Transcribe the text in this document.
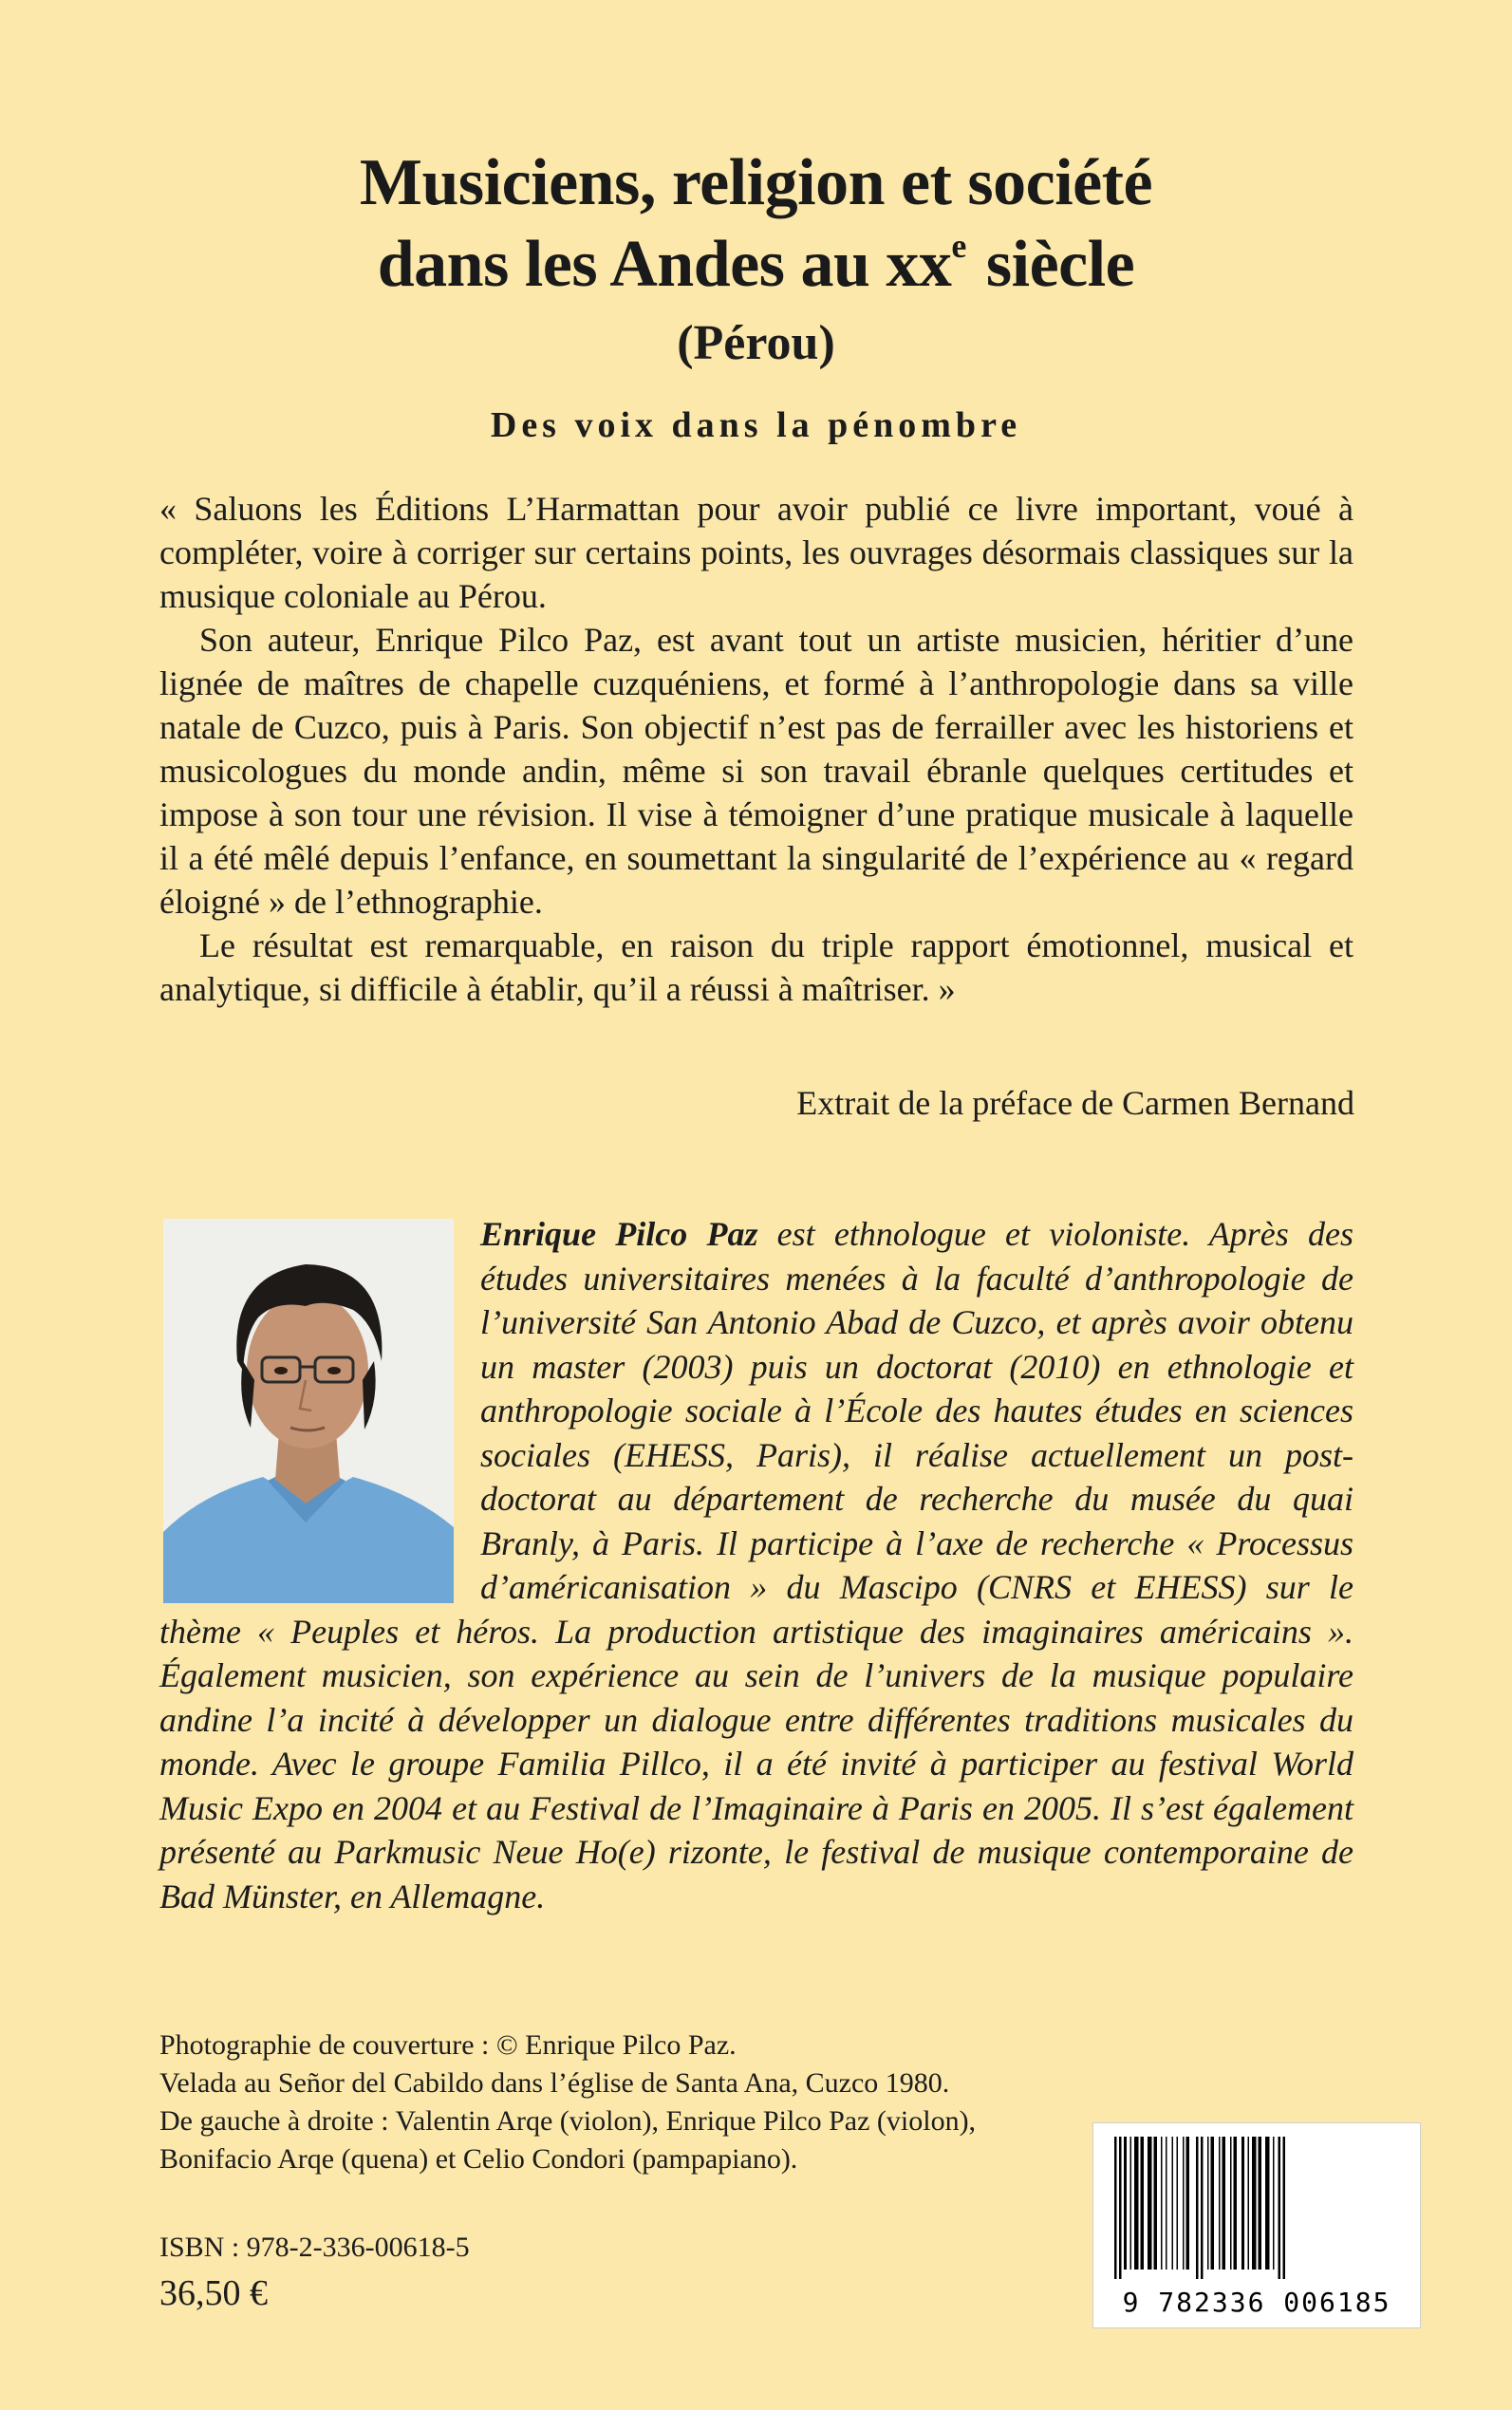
Musiciens, religion et société
dans les Andes au $xx^e$ siècle
(Pérou)
Des voix dans la pénombre

« Saluons les Éditions L’Harmattan pour avoir publié ce livre important, voué à compléter, voire à corriger sur certains points, les ouvrages désormais classiques sur la musique coloniale au Pérou.

Son auteur, Enrique Pilco Paz, est avant tout un artiste musicien, héritier d’une lignée de maîtres de chapelle cuzquéniens, et formé à l’anthropologie dans sa ville natale de Cuzco, puis à Paris. Son objectif n’est pas de ferrailler avec les historiens et musicologues du monde andin, même si son travail ébranle quelques certitudes et impose à son tour une révision. Il vise à témoigner d’une pratique musicale à laquelle il a été mêlé depuis l’enfance, en soumettant la singularité de l’expérience au « regard éloigné » de l’ethnographie.

Le résultat est remarquable, en raison du triple rapport émotionnel, musical et analytique, si difficile à établir, qu’il a réussi à maîtriser. »

Extrait de la préface de Carmen Bernand
Enrique Pilco Paz est ethnologue et violoniste. Après des études universitaires menées à la faculté d’anthropologie de l’université San Antonio Abad de Cuzco, et après avoir obtenu un master (2003) puis un doctorat (2010) en ethnologie et anthropologie sociale à l’École des hautes études en sciences sociales (EHESS, Paris), il réalise actuellement un post-doctorat au département de recherche du musée du quai Branly, à Paris. Il participe à l’axe de recherche « Processus d’américanisation » du Mascipo (CNRS et EHESS) sur le thème « Peuples et héros. La production artistique des imaginaires américains ». Également musicien, son expérience au sein de l’univers de la musique populaire andine l’a incité à développer un dialogue entre différentes traditions musicales du monde. Avec le groupe Familia Pillco, il a été invité à participer au festival World Music Expo en 2004 et au Festival de l’Imaginaire à Paris en 2005. Il s’est également présenté au Parkmusic Neue Ho(e) rizonte, le festival de musique contemporaine de Bad Münster, en Allemagne.
Photographie de couverture : © Enrique Pilco Paz.
Velada au Señor del Cabildo dans l’église de Santa Ana, Cuzco 1980.
De gauche à droite : Valentin Arqe (violon), Enrique Pilco Paz (violon),
Bonifacio Arqe (quena) et Celio Condori (pampapiano).
ISBN : 978-2-336-00618-5
36,50 €	9 782336 006185
